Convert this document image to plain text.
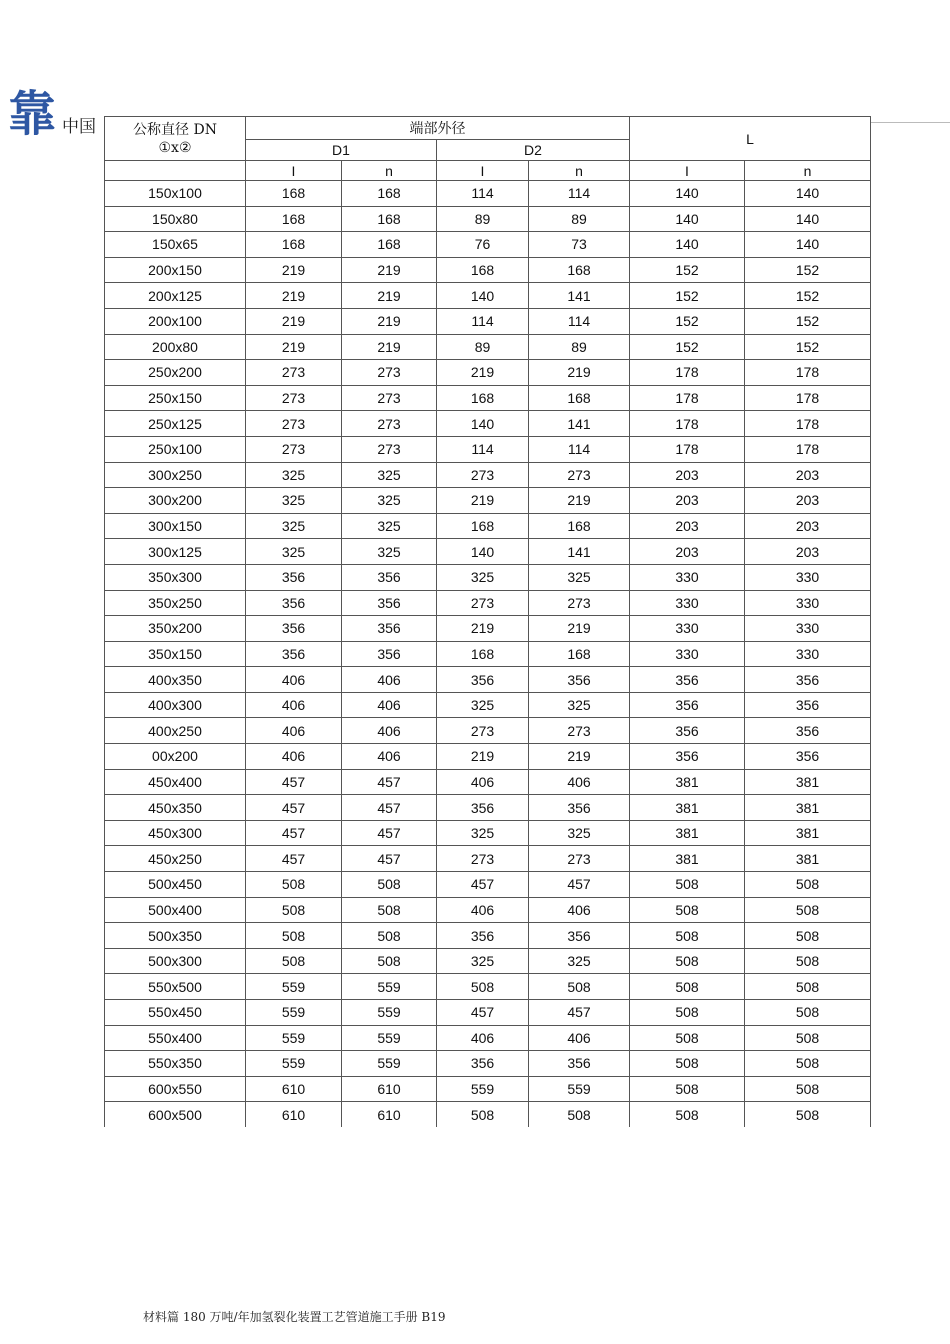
靠 中国	公称直径 DN
①x②	端部外径				L	
	D1		D2			
	I	n	I	n	I	n
150x100	168	168	114	114	140	140
150x80	168	168	89	89	140	140
150x65	168	168	76	73	140	140
200x150	219	219	168	168	152	152
200x125	219	219	140	141	152	152
200x100	219	219	114	114	152	152
200x80	219	219	89	89	152	152
250x200	273	273	219	219	178	178
250x150	273	273	168	168	178	178
250x125	273	273	140	141	178	178
250x100	273	273	114	114	178	178
300x250	325	325	273	273	203	203
300x200	325	325	219	219	203	203
300x150	325	325	168	168	203	203
300x125	325	325	140	141	203	203
350x300	356	356	325	325	330	330
350x250	356	356	273	273	330	330
350x200	356	356	219	219	330	330
350x150	356	356	168	168	330	330
400x350	406	406	356	356	356	356
400x300	406	406	325	325	356	356
400x250	406	406	273	273	356	356
00x200	406	406	219	219	356	356
450x400	457	457	406	406	381	381
450x350	457	457	356	356	381	381
450x300	457	457	325	325	381	381
450x250	457	457	273	273	381	381
500x450	508	508	457	457	508	508
500x400	508	508	406	406	508	508
500x350	508	508	356	356	508	508
500x300	508	508	325	325	508	508
550x500	559	559	508	508	508	508
550x450	559	559	457	457	508	508
550x400	559	559	406	406	508	508
550x350	559	559	356	356	508	508
600x550	610	610	559	559	508	508
600x500	610	610	508	508	508	508
材料篇 180 万吨/年加氢裂化装置工艺管道施工手册 B19
